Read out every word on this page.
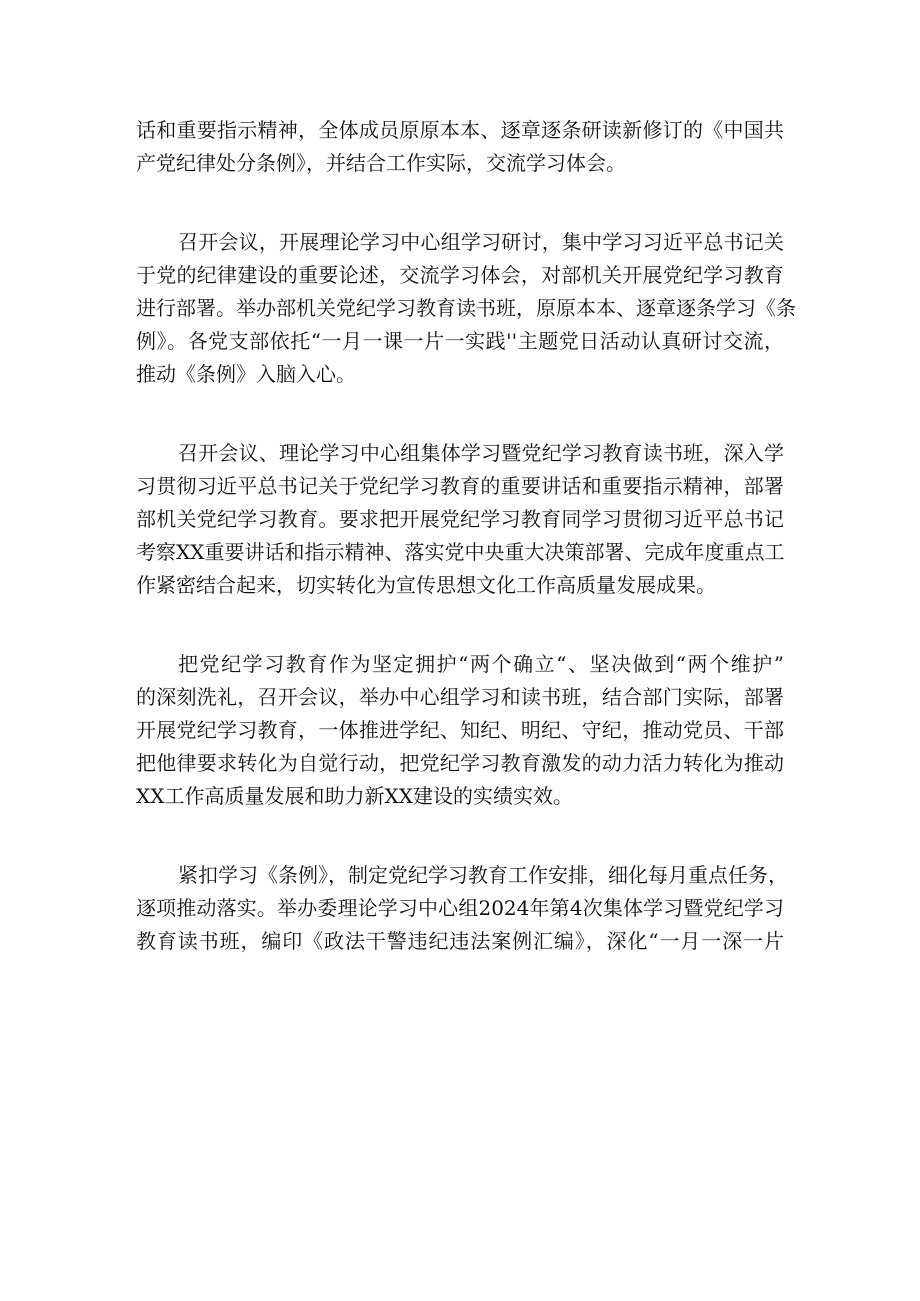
话和重要指示精神，全体成员原原本本、逐章逐条研读新修订的《中国共
产党纪律处分条例》，并结合工作实际，交流学习体会。
召开会议，开展理论学习中心组学习研讨，集中学习习近平总书记关
于党的纪律建设的重要论述，交流学习体会，对部机关开展党纪学习教育
进行部署。举办部机关党纪学习教育读书班，原原本本、逐章逐条学习《条
例》。各党支部依托“一月一课一片一实践''主题党日活动认真研讨交流，
推动《条例》入脑入心。
召开会议、理论学习中心组集体学习暨党纪学习教育读书班，深入学
习贯彻习近平总书记关于党纪学习教育的重要讲话和重要指示精神，部署
部机关党纪学习教育。要求把开展党纪学习教育同学习贯彻习近平总书记
考察XX重要讲话和指示精神、落实党中央重大决策部署、完成年度重点工
作紧密结合起来，切实转化为宣传思想文化工作高质量发展成果。
把党纪学习教育作为坚定拥护“两个确立“、坚决做到“两个维护”
的深刻洗礼，召开会议，举办中心组学习和读书班，结合部门实际，部署
开展党纪学习教育，一体推进学纪、知纪、明纪、守纪，推动党员、干部
把他律要求转化为自觉行动，把党纪学习教育激发的动力活力转化为推动
XX工作高质量发展和助力新XX建设的实绩实效。
紧扣学习《条例》，制定党纪学习教育工作安排，细化每月重点任务，
逐项推动落实。举办委理论学习中心组2024年第4次集体学习暨党纪学习
教育读书班，编印《政法干警违纪违法案例汇编》，深化“一月一深一片
